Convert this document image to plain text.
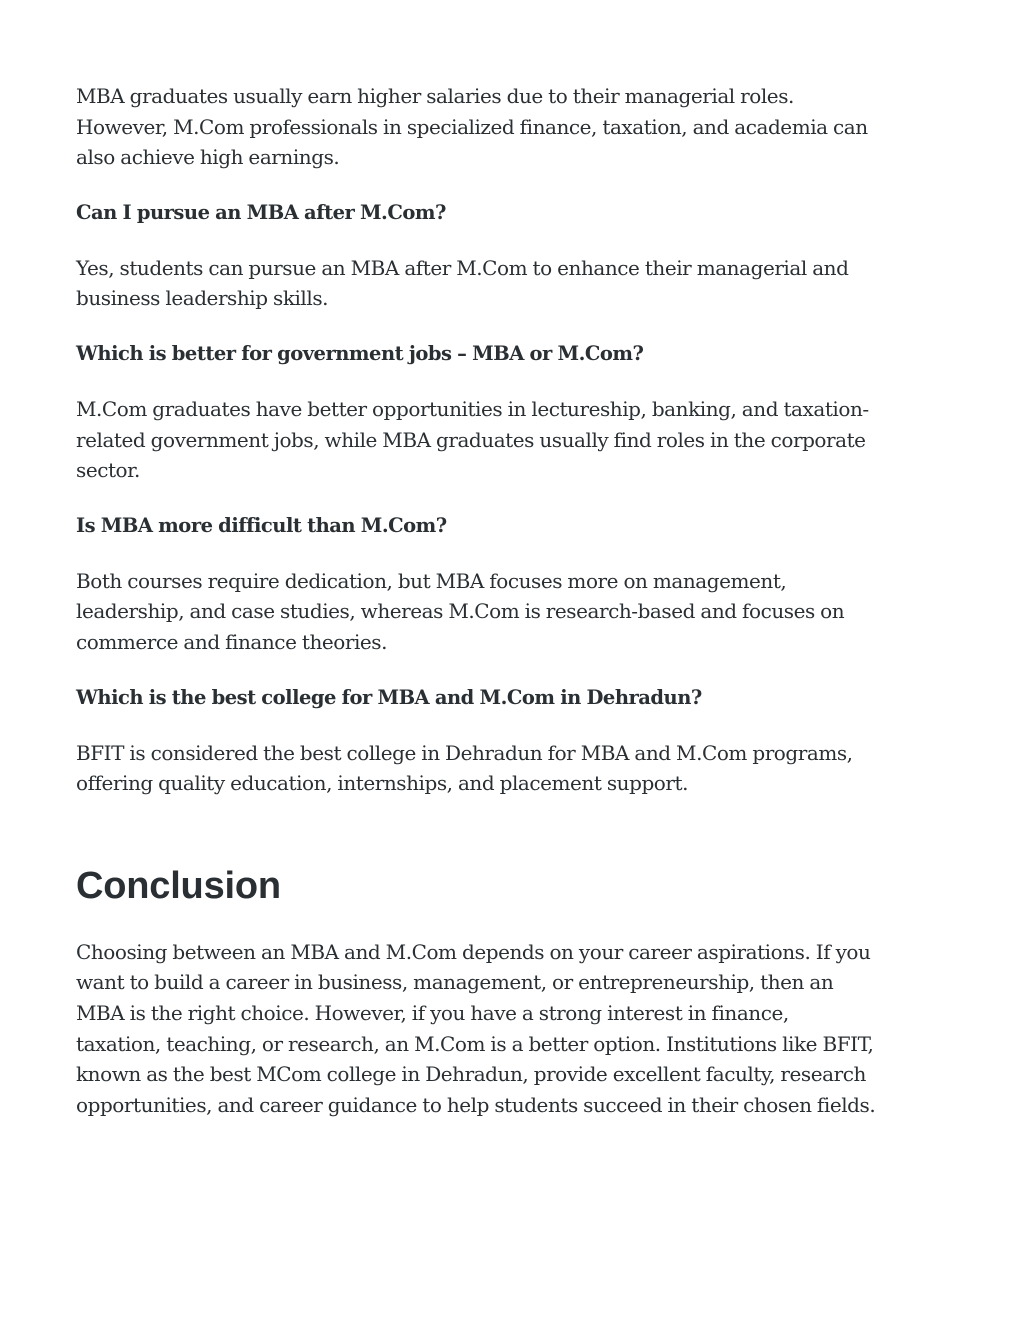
MBA graduates usually earn higher salaries due to their managerial roles. However, M.Com professionals in specialized finance, taxation, and academia can also achieve high earnings.

Can I pursue an MBA after M.Com?

Yes, students can pursue an MBA after M.Com to enhance their managerial and business leadership skills.

Which is better for government jobs – MBA or M.Com?

M.Com graduates have better opportunities in lectureship, banking, and taxation-related government jobs, while MBA graduates usually find roles in the corporate sector.

Is MBA more difficult than M.Com?

Both courses require dedication, but MBA focuses more on management, leadership, and case studies, whereas M.Com is research-based and focuses on commerce and finance theories.

Which is the best college for MBA and M.Com in Dehradun?

BFIT is considered the best college in Dehradun for MBA and M.Com programs, offering quality education, internships, and placement support.

Conclusion

Choosing between an MBA and M.Com depends on your career aspirations. If you want to build a career in business, management, or entrepreneurship, then an MBA is the right choice. However, if you have a strong interest in finance, taxation, teaching, or research, an M.Com is a better option. Institutions like BFIT, known as the best MCom college in Dehradun, provide excellent faculty, research opportunities, and career guidance to help students succeed in their chosen fields.
